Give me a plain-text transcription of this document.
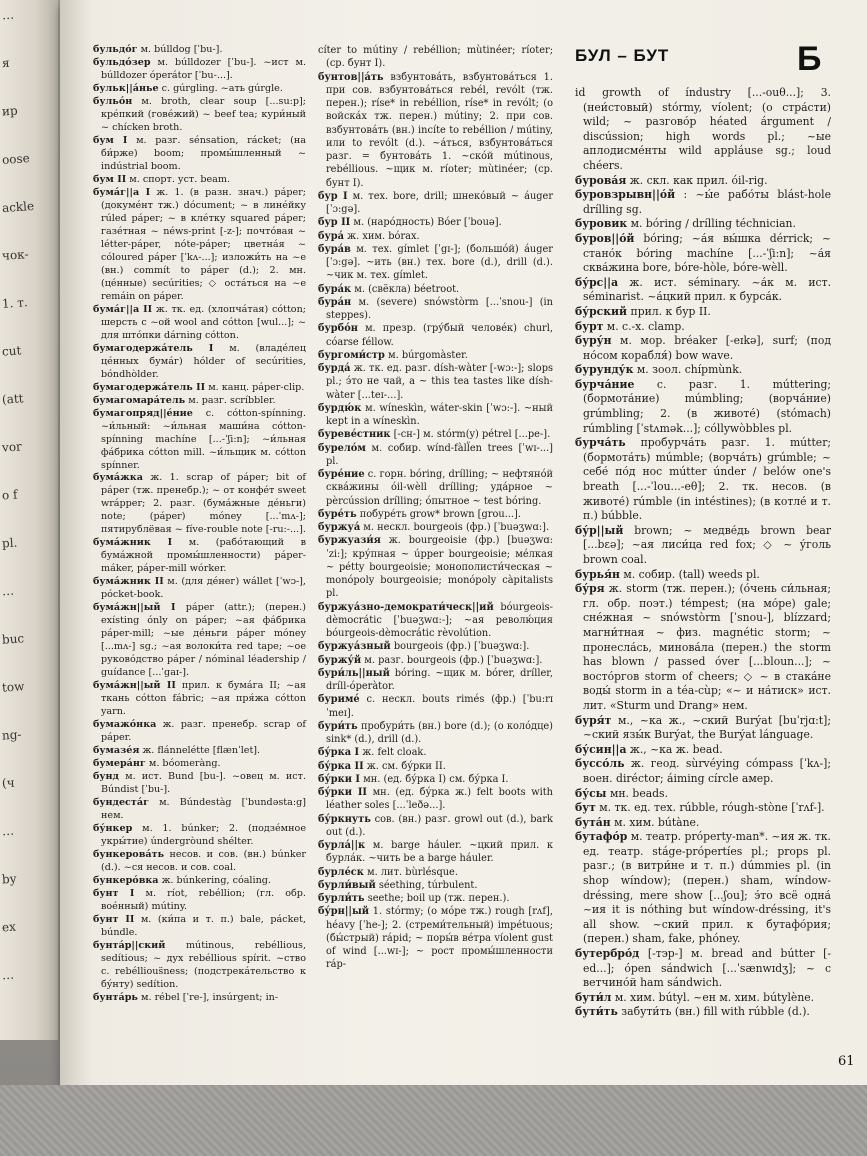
…
я
ир
ооsе
ackle
чок-
1. т.
cut
(att
vor
o f
pl.
…
buс
tow
ng-
(ч
…
by
ex
…
БУЛ – БУТ	Б

бульдо́г м. búlldog [ˈbu-].

бульдо́зер м. búlldozer [ˈbu-]. ~ист м. búlldozer óperátor [ˈbu-...].

бульк||а́нье с. gúrgling. ~ать gúrgle.

бульо́н м. broth, clear soup [...su:p]; кре́пкий (гове́жий) ~ beef tea; кури́ный ~ chícken broth.

бум I м. разг. sénsation, rácket; (на би́рже) boom; промы́шленный ~ indústrial boom.

бум II м. спорт. уст. beam.

бума́г||а I ж. 1. (в разн. знач.) páper; (докуме́нт тж.) dócument; ~ в лине́йку rúled páper; ~ в кле́тку squared páper; газе́тная ~ néws-print [-z-]; почто́вая ~ létter-páper, nóte-páper; цветна́я ~ cóloured páper [ˈkʌ-...]; изложи́ть на ~е (вн.) commít to páper (d.); 2. мн. (це́нные) secúrities; ◇ оста́ться на ~е remáin on páper.

бума́г||а II ж. тк. ед. (хлопча́тая) cótton; шерсть с ~ой wool and cótton [wul...]; ~ для што́пки dárning cótton.

бумагодержа́тель I м. (владе́лец це́нных бума́г) hólder of secúrities, bóndhòlder.

бумагодержа́тель II м. канц. páper-clip.

бумагомара́тель м. разг. scríbbler.

бумагопряд||е́ние с. cótton-spínning. ~и́льный: ~и́льная маши́на cótton-spínning machíne [...-ˈʃi:n]; ~и́льная фа́брика cótton mill. ~и́льщик м. cótton spínner.

бума́жка ж. 1. scrap of páper; bit of páper (тж. пренебр.); ~ от конфе́т sweet wrápper; 2. разг. (бума́жные де́ньги) note; (páper) móney [...ˈmʌ-]; пятирублёвая ~ fíve-rouble note [-ru:-...].

бума́жник I м. (рабо́тающий в бума́жной промы́шленности) páper-máker, páper-mill wórker.

бума́жник II м. (для де́нег) wállet [ˈwɔ-], pócket-book.

бума́жн||ый I páper (attr.); (перен.) exísting ónly on páper; ~ая фа́брика páper-mill; ~ые де́ньги páper móney [...mʌ-] sg.; ~ая волоки́та red tape; ~ое руково́дство páper / nóminal léadership / guídance [...ˈgaɪ-].

бума́жн||ый II прил. к бума́га II; ~ая ткань cótton fábric; ~ая пря́жа cótton yarn.

бумажо́нка ж. разг. пренебр. scrap of páper.

бумазе́я ж. flánnelétte [flænˈlet].

бумера́нг м. bóomeràng.

бунд м. ист. Bund [bu-]. ~овец м. ист. Búndist [ˈbu-].

бундеста́г м. Búndestàg [ˈbundəsta:g] нем.

бу́нкер м. 1. búnker; 2. (подзе́мное укры́тие) úndergròund shélter.

бункерова́ть несов. и сов. (вн.) búnker (d.). ~ся несов. и сов. coal.

бункеро́вка ж. búnkering, cóaling.

бунт I м. ríot, rebéllion; (гл. обр. вое́нный) mútiny.

бунт II м. (ки́па и т. п.) bale, pácket, búndle.

бунта́р||ский mútinous, rebéllious, sedítious; ~ дух rebéllious spírit. ~ство с. rebéllious̈ness; (подстрека́тельство к бу́нту) sedítion.

бунта́рь м. rébel [ˈre-], insúrgent; in-

cíter to mútiny / rebéllion; mùtinéer; ríoter; (ср. бунт I).

бунтов||а́ть взбунтова́ть, взбунтова́ться 1. при сов. взбунтова́ться rebél, revólt (тж. перен.); ríse* in rebéllion, ríse* in revólt; (о войска́х тж. перен.) mútiny; 2. при сов. взбунтова́ть (вн.) incíte to rebéllion / mútiny, или to revólt (d.). ~а́ться, взбунтова́ться разг. = бунтова́ть 1. ~ско́й mútinous, rebéllious. ~щик м. ríoter; mùtinéer; (ср. бунт I).

бур I м. тех. bore, drill; шнеко́вый ~ áuger [ˈɔ:gə].

бур II м. (наро́дность) Bóer [ˈbouə].

бура́ ж. хим. bórax.

бура́в м. тех. gímlet [ˈgɪ-]; (большо́й) áuger [ˈɔ:gə]. ~ить (вн.) тех. bore (d.), drill (d.). ~чик м. тех. gímlet.

бура́к м. (свёкла) béetroot.

бура́н м. (severe) snówstòrm [...ˈsnou-] (in steppes).

бурбо́н м. презр. (гру́бый челове́к) churl, cóarse féllow.

бургоми́стр м. búrgomàster.

бурда́ ж. тк. ед. разг. dísh-wàter [-wɔ:-]; slops pl.; э́то не чай, а ~ this tea tastes like dísh-wàter [...teɪ-...].

бурдю́к м. wíneskìn, wáter-skin [ˈwɔ:-]. ~ный kept in a wíneskìn.

буреве́стник [-сн-] м. stórm(y) pétrel [...pe-].

бурело́м м. собир. wínd-fàll̈en trees [ˈwɪ-...] pl.

буре́ние с. горн. bóring, drílling; ~ нефтяно́й сква́жины óil-wèll drílling; уда́рное ~ pèrcússion drílling; о́пытное ~ test bóring.

буре́ть побуре́ть grow* brown [grou...].

буржуа́ м. нескл. bourgeois (фр.) [ˈbuəʒwɑ:].

буржуази́я ж. bourgeoisie (фр.) [buəʒwɑ:ˈzi:]; кру́пная ~ úpper bourgeoisie; ме́лкая ~ pétty bourgeoisie; монополисти́ческая ~ monópoly bourgeoisie; monópoly càpitalists pl.

буржуа́зно-демократи́ческ||ий bóurgeois-dèmocrátic [ˈbuəʒwɑ:-]; ~ая револю́ция bóurgeois-dèmocrátic rèvolútion.

буржуа́зный bourgeois (фр.) [ˈbuəʒwɑ:].

буржу́й м. разг. bourgeois (фр.) [ˈbuəʒwɑ:].

бури́ль||ный bóring. ~щик м. bórer, dríller, dríll-óperàtor.

буриме́ с. нескл. bouts rimés (фр.) [ˈbu:rɪˈmeɪ].

бури́ть пробури́ть (вн.) bore (d.); (о коло́дце) sink* (d.), drill (d.).

бу́рка I ж. felt cloak.

бу́рка II ж. см. бу́рки II.

бу́рки I мн. (ед. бу́рка I) см. бу́рка I.

бу́рки II мн. (ед. бу́рка ж.) felt boots with léather soles [...ˈleðə...].

бу́ркнуть сов. (вн.) разг. growl out (d.), bark out (d.).

бурла́||к м. barge háuler. ~цкий прил. к бурла́к. ~чить be a barge háuler.

бурле́ск м. лит. bùrlésque.

бурли́вый séething, túrbulent.

бурли́ть seethe; boil up (тж. перен.).

бу́рн||ый 1. stórmy; (о мо́ре тж.) rough [rʌf], héavy [ˈhe-]; 2. (стреми́тельный) impétuous; (бы́стрый) rápid; ~ поры́в ве́тра víolent gust of wind [...wɪ-]; ~ рост промы́шленности ráp-

id growth of índustry [...-ouθ...]; 3. (неи́стовый) stórmy, víolent; (о стра́сти) wild; ~ разгово́р héated árgument / discússion; high words pl.; ~ые аплодисме́нты wild appláuse sg.; loud chéers.

бурова́я ж. скл. как прил. óil-rig.

буровзрывн||о́й : ~ы́е рабо́ты blást-hole drílling sg.

буровик м. bóring / drílling téchnician.

буров||о́й bóring; ~а́я вы́шка dérrick; ~ стано́к bóring machíne [...-ˈʃi:n]; ~а́я сква́жина bore, bóre-hòle, bóre-wèll.

бу́рс||а ж. ист. séminary. ~а́к м. ист. séminarist. ~а́цкий прил. к бурса́к.

бу́рский прил. к бур II.

бурт м. с.-х. clamp.

буру́н м. мор. bréaker [-eɪkə], surf; (под но́сом корабля́) bow wave.

бурунду́к м. зоол. chípmùnk.

бурча́ние с. разг. 1. múttering; (бормота́ние) múmbling; (ворча́ние) grúmbling; 2. (в животе́) (stómach) rúmbling [ˈstʌmək...]; cóllywòbbles pl.

бурча́ть пробурча́ть разг. 1. mútter; (бормота́ть) múmble; (ворча́ть) grúmble; ~ себе́ по́д нос mútter únder / belów one's breath [...-ˈlou...-eθ]; 2. тк. несов. (в животе́) rúmble (in intéstines); (в котле́ и т. п.) búbble.

бу́р||ый brown; ~ медве́дь brown bear [...bɛə]; ~ая лиси́ца red fox; ◇ ~ у́голь brown coal.

бурья́н м. собир. (tall) weeds pl.

бу́ря ж. storm (тж. перен.); (о́чень си́льная; гл. обр. поэт.) témpest; (на мо́ре) gale; сне́жная ~ snówstòrm [ˈsnou-], blízzard; магни́тная ~ физ. magnétic storm; ~ пронесла́сь, минова́ла (перен.) the storm has blown / passed óver [...bloun...]; ~ восто́ргов storm of cheers; ◇ ~ в стака́не воды́ storm in a téa-cùp; «~ и на́тиск» ист. лит. «Sturm und Drang» нем.

буря́т м., ~ка ж., ~ский Burýat [buˈrjɑ:t]; ~ский язы́к Burýat, the Burýat lánguage.

бу́син||а ж., ~ка ж. bead.

буссо́ль ж. геод. sùrvéying cómpass [ˈkʌ-]; воен. diréctor; áiming círcle амер.

бу́сы мн. beads.

бут м. тк. ед. тех. rúbble, róugh-stòne [ˈrʌf-].

бута́н м. хим. bútàne.

бутафо́р м. театр. próperty-man*. ~ия ж. тк. ед. театр. stáge-própertíes pl.; props pl. разг.; (в витри́не и т. п.) dúmmies pl. (in shop wíndow); (перен.) sham, wíndow-dréssing, mere show [...ʃou]; э́то всё одна́ ~ия it is nóthing but wíndow-dréssing, it's all show. ~ский прил. к бутафо́рия; (перен.) sham, fake, phóney.

бутербро́д [-тэр-] м. bread and bútter [-ed...]; ópen sándwich [...ˈsænwɪdʒ]; ~ с ветчино́й ham sándwich.

бути́л м. хим. bútyl. ~ен м. хим. bútylène.

бути́ть забути́ть (вн.) fill with rúbble (d.).

61
